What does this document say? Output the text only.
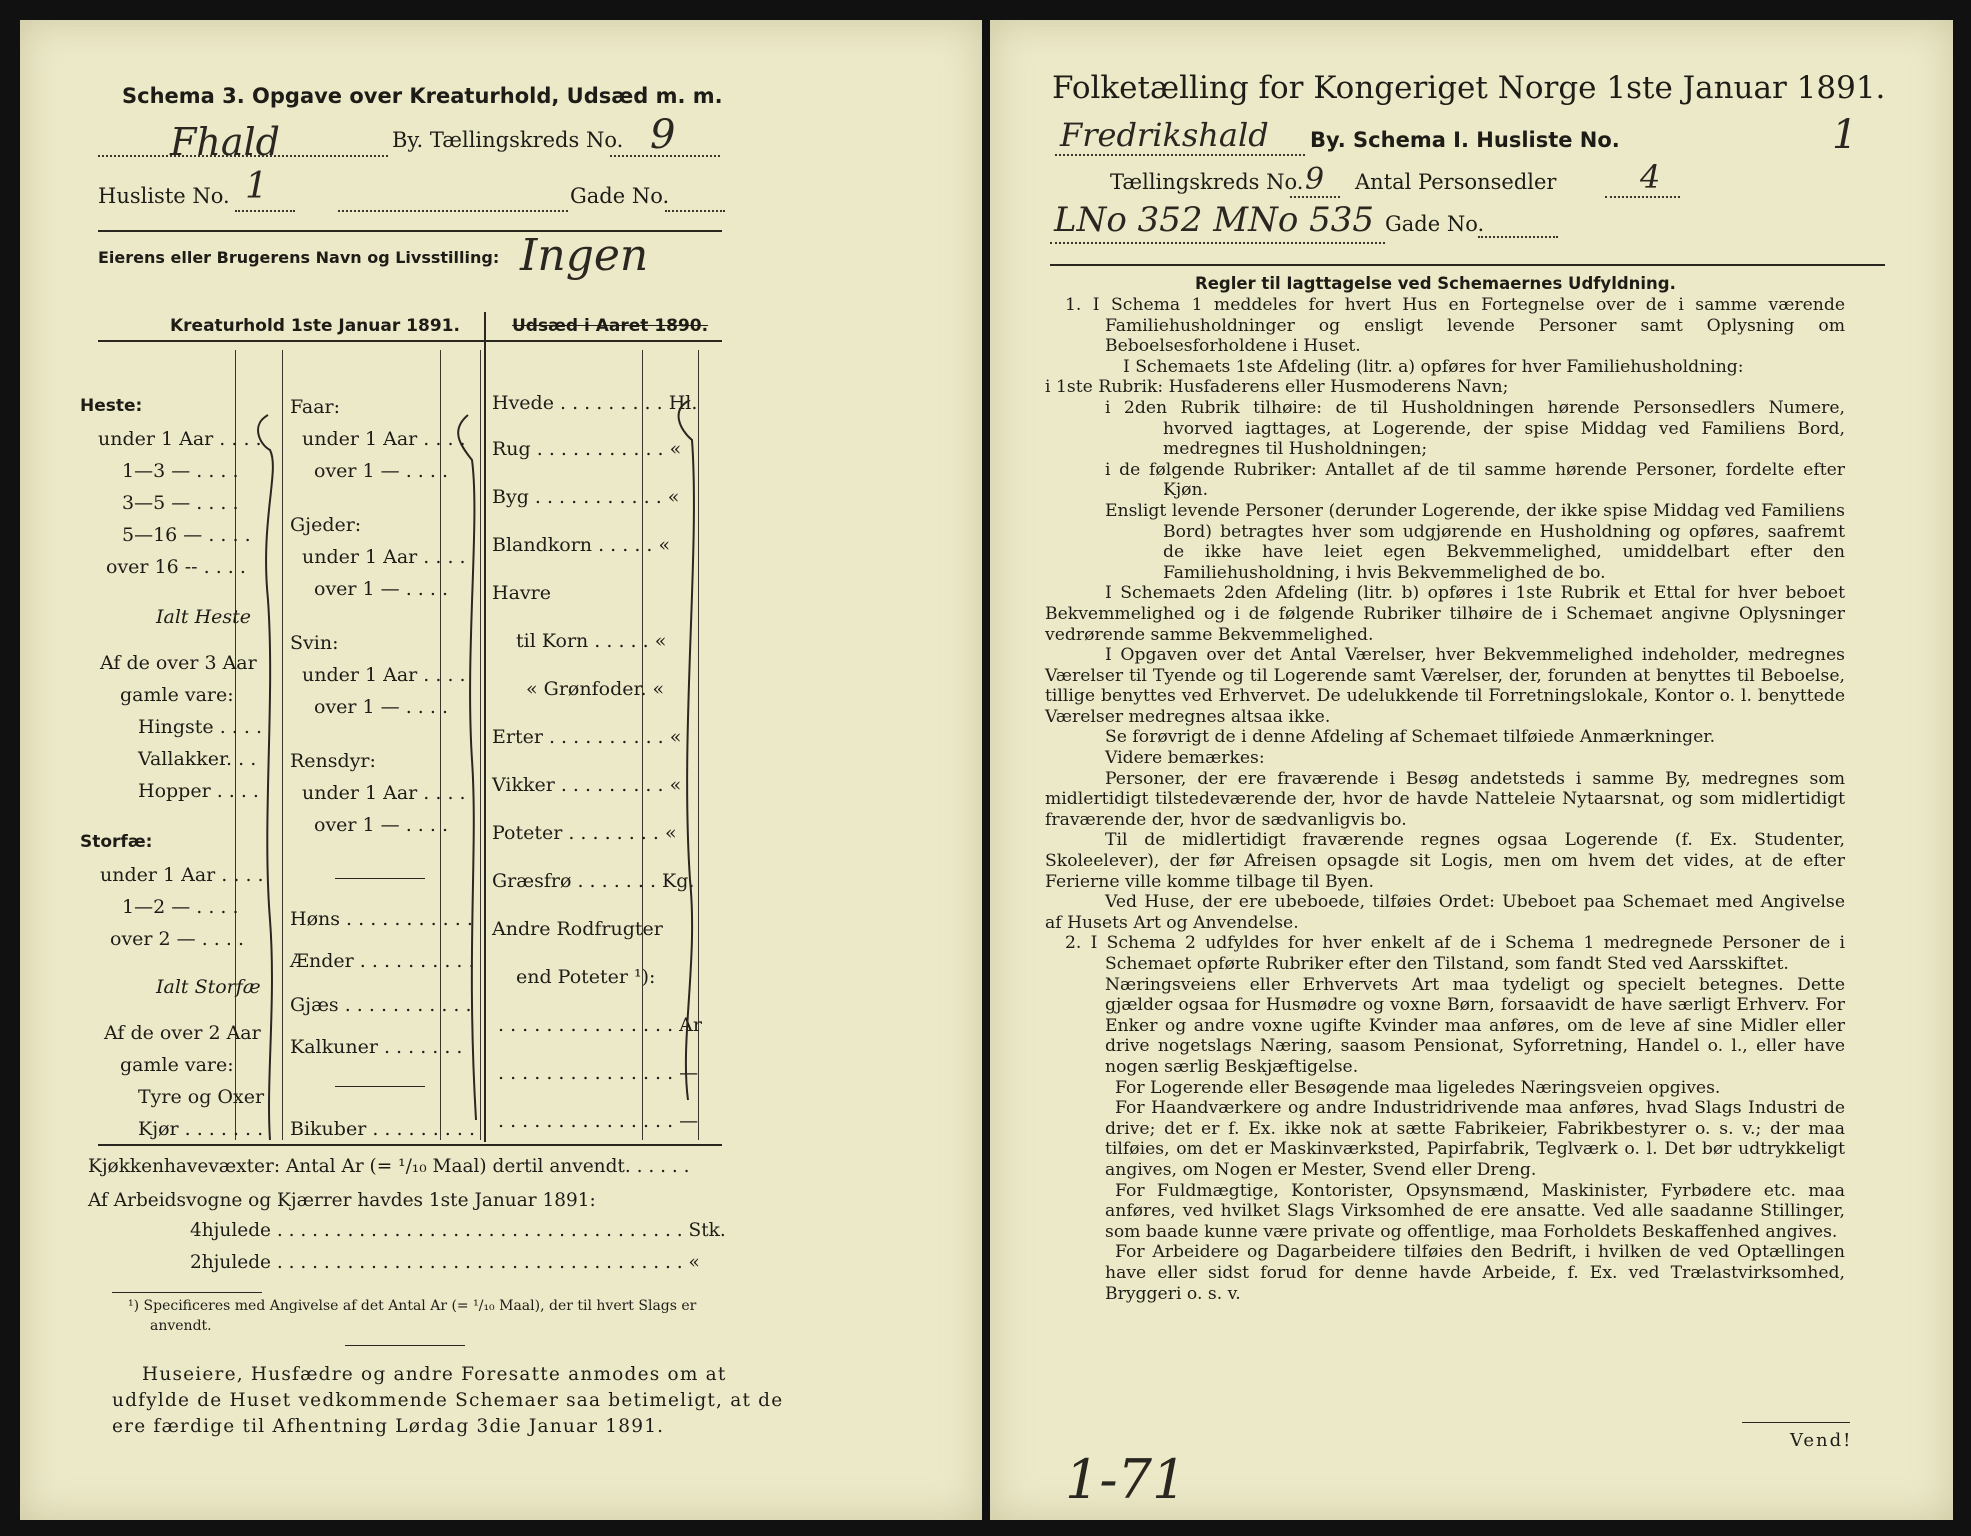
Schema 3. Opgave over Kreaturhold, Udsæd m. m.
Fhald	By. Tællingskreds No. 9
Husliste No. 1	Gade No.
Eierens eller Brugerens Navn og Livsstilling: Ingen
Kreaturhold 1ste Januar 1891.	Udsæd i Aaret 1890.
Heste:
under 1 Aar . . . .
1—3 — . . . .
3—5 — . . . .
5—16 — . . . .
over 16 -- . . . .
Ialt Heste
Af de over 3 Aar
gamle vare:
Hingste . . . .
Vallakker. . .
Hopper . . . .
Storfæ:
under 1 Aar . . . .
1—2 — . . . .
over 2 — . . . .
Ialt Storfæ
Af de over 2 Aar
gamle vare:
Tyre og Oxer
Kjør . . . . . . .
Faar:
under 1 Aar . . . .
over 1 — . . . .
Gjeder:
under 1 Aar . . . .
over 1 — . . . .
Svin:
under 1 Aar . . . .
over 1 — . . . .
Rensdyr:
under 1 Aar . . . .
over 1 — . . . .
Høns . . . . . . . . . . .
Ænder . . . . . . . . . .
Gjæs . . . . . . . . . . .
Kalkuner . . . . . . .
Bikuber . . . . . . . . .
Hvede . . . . . . . . . Hl.
Rug . . . . . . . . . . . «
Byg . . . . . . . . . . . «
Blandkorn . . . . . «
Havre
til Korn . . . . . «
« Grønfoder. «
Erter . . . . . . . . . . «
Vikker . . . . . . . . . «
Poteter . . . . . . . . «
Græsfrø . . . . . . . Kg.
Andre Rodfrugter
end Poteter ¹):
. . . . . . . . . . . . . . . Ar
. . . . . . . . . . . . . . . —
. . . . . . . . . . . . . . . —
Kjøkkenhavevæxter: Antal Ar (= ¹/₁₀ Maal) dertil anvendt. . . . . .
Af Arbeidsvogne og Kjærrer havdes 1ste Januar 1891:
4hjulede . . . . . . . . . . . . . . . . . . . . . . . . . . . . . . . . . . . Stk.
2hjulede . . . . . . . . . . . . . . . . . . . . . . . . . . . . . . . . . . . «
¹) Specificeres med Angivelse af det Antal Ar (= ¹/₁₀ Maal), der til hvert Slags er
anvendt.
Huseiere, Husfædre og andre Foresatte anmodes om at
udfylde de Huset vedkommende Schemaer saa betimeligt, at de
ere færdige til Afhentning Lørdag 3die Januar 1891.
Folketælling for Kongeriget Norge 1ste Januar 1891.
Fredrikshald By. Schema I. Husliste No.	1
Tællingskreds No. 9 Antal Personsedler	4
LNo 352 MNo 535 Gade No.
Regler til Iagttagelse ved Schemaernes Udfyldning.

1. I Schema 1 meddeles for hvert Hus en Fortegnelse over de i samme værende Familiehusholdninger og ensligt levende Personer samt Oplysning om Beboelsesforholdene i Huset.

I Schemaets 1ste Afdeling (litr. a) opføres for hver Familiehusholdning:

i 1ste Rubrik: Husfaderens eller Husmoderens Navn;

i 2den Rubrik tilhøire: de til Husholdningen hørende Personsedlers Numere, hvorved iagttages, at Logerende, der spise Middag ved Familiens Bord, medregnes til Husholdningen;

i de følgende Rubriker: Antallet af de til samme hørende Personer, fordelte efter Kjøn.

Ensligt levende Personer (derunder Logerende, der ikke spise Middag ved Familiens Bord) betragtes hver som udgjørende en Husholdning og opføres, saafremt de ikke have leiet egen Bekvemmelighed, umiddelbart efter den Familiehusholdning, i hvis Bekvemmelighed de bo.

I Schemaets 2den Afdeling (litr. b) opføres i 1ste Rubrik et Ettal for hver beboet Bekvemmelighed og i de følgende Rubriker tilhøire de i Schemaet angivne Oplysninger vedrørende samme Bekvemmelighed.

I Opgaven over det Antal Værelser, hver Bekvemmelighed indeholder, medregnes Værelser til Tyende og til Logerende samt Værelser, der, forunden at benyttes til Beboelse, tillige benyttes ved Erhvervet. De udelukkende til Forretningslokale, Kontor o. l. benyttede Værelser medregnes altsaa ikke.

Se forøvrigt de i denne Afdeling af Schemaet tilføiede Anmærkninger.

Videre bemærkes:

Personer, der ere fraværende i Besøg andetsteds i samme By, medregnes som midlertidigt tilstedeværende der, hvor de havde Natteleie Nytaarsnat, og som midlertidigt fraværende der, hvor de sædvanligvis bo.

Til de midlertidigt fraværende regnes ogsaa Logerende (f. Ex. Studenter, Skoleelever), der før Afreisen opsagde sit Logis, men om hvem det vides, at de efter Ferierne ville komme tilbage til Byen.

Ved Huse, der ere ubeboede, tilføies Ordet: Ubeboet paa Schemaet med Angivelse af Husets Art og Anvendelse.

2. I Schema 2 udfyldes for hver enkelt af de i Schema 1 medregnede Personer de i Schemaet opførte Rubriker efter den Tilstand, som fandt Sted ved Aarsskiftet.

Næringsveiens eller Erhvervets Art maa tydeligt og specielt betegnes. Dette gjælder ogsaa for Husmødre og voxne Børn, forsaavidt de have særligt Erhverv. For Enker og andre voxne ugifte Kvinder maa anføres, om de leve af sine Midler eller drive nogetslags Næring, saasom Pensionat, Syforretning, Handel o. l., eller have nogen særlig Beskjæftigelse.

For Logerende eller Besøgende maa ligeledes Næringsveien opgives.

For Haandværkere og andre Industridrivende maa anføres, hvad Slags Industri de drive; det er f. Ex. ikke nok at sætte Fabrikeier, Fabrikbestyrer o. s. v.; der maa tilføies, om det er Maskinværksted, Papirfabrik, Teglværk o. l. Det bør udtrykkeligt angives, om Nogen er Mester, Svend eller Dreng.

For Fuldmægtige, Kontorister, Opsynsmænd, Maskinister, Fyrbødere etc. maa anføres, ved hvilket Slags Virksomhed de ere ansatte. Ved alle saadanne Stillinger, som baade kunne være private og offentlige, maa Forholdets Beskaffenhed angives.

For Arbeidere og Dagarbeidere tilføies den Bedrift, i hvilken de ved Optællingen have eller sidst forud for denne havde Arbeide, f. Ex. ved Trælastvirksomhed, Bryggeri o. s. v.

Vend!
1-71
